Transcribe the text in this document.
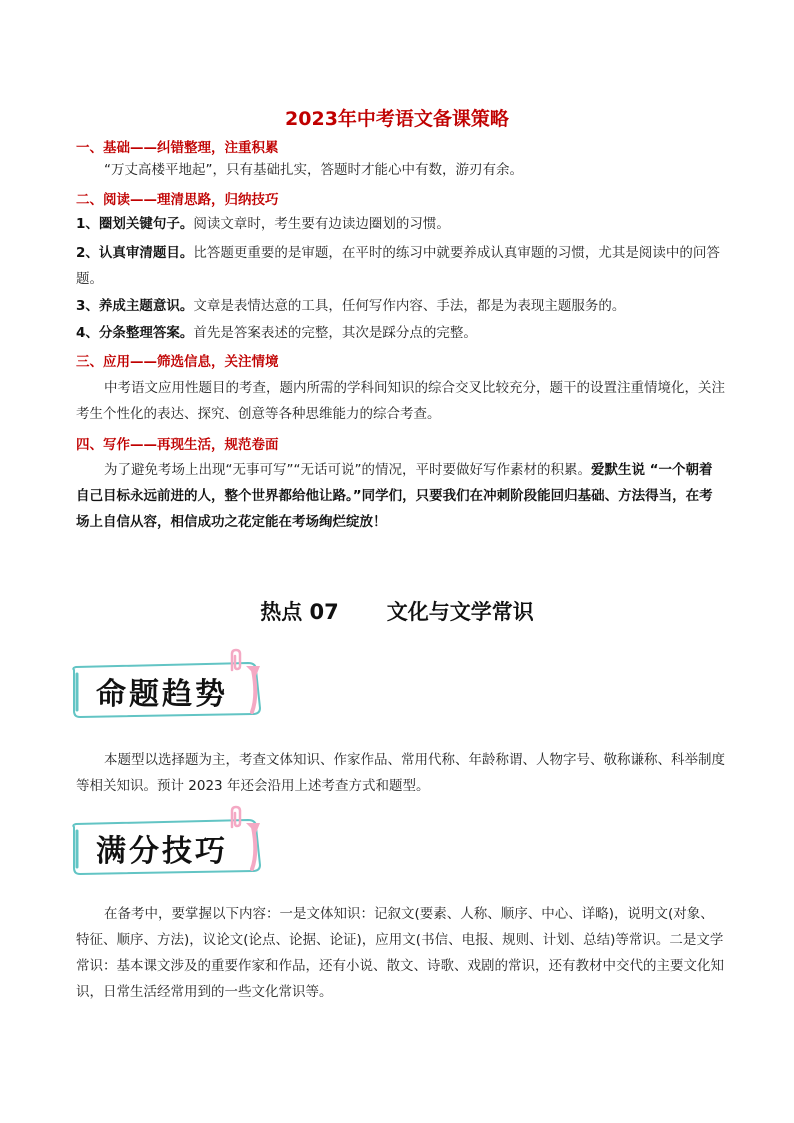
2023年中考语文备课策略
一、基础——纠错整理，注重积累
“万丈高楼平地起”，只有基础扎实，答题时才能心中有数，游刃有余。
二、阅读——理清思路，归纳技巧
1、圈划关键句子。阅读文章时，考生要有边读边圈划的习惯。
2、认真审清题目。比答题更重要的是审题，在平时的练习中就要养成认真审题的习惯，尤其是阅读中的问答题。
3、养成主题意识。文章是表情达意的工具，任何写作内容、手法，都是为表现主题服务的。
4、分条整理答案。首先是答案表述的完整，其次是踩分点的完整。
三、应用——筛选信息，关注情境
中考语文应用性题目的考查，题内所需的学科间知识的综合交叉比较充分，题干的设置注重情境化，关注考生个性化的表达、探究、创意等各种思维能力的综合考查。
四、写作——再现生活，规范卷面
为了避免考场上出现“无事可写”“无话可说”的情况，平时要做好写作素材的积累。爱默生说 “一个朝着自己目标永远前进的人，整个世界都给他让路。”同学们，只要我们在冲刺阶段能回归基础、方法得当，在考场上自信从容，相信成功之花定能在考场绚烂绽放！
热点 07 文化与文学常识
命题趋势
本题型以选择题为主，考查文体知识、作家作品、常用代称、年龄称谓、人物字号、敬称谦称、科举制度等相关知识。预计 2023 年还会沿用上述考查方式和题型。
满分技巧
在备考中，要掌握以下内容：一是文体知识：记叙文(要素、人称、顺序、中心、详略)，说明文(对象、特征、顺序、方法)，议论文(论点、论据、论证)，应用文(书信、电报、规则、计划、总结)等常识。二是文学常识：基本课文涉及的重要作家和作品，还有小说、散文、诗歌、戏剧的常识，还有教材中交代的主要文化知识，日常生活经常用到的一些文化常识等。
